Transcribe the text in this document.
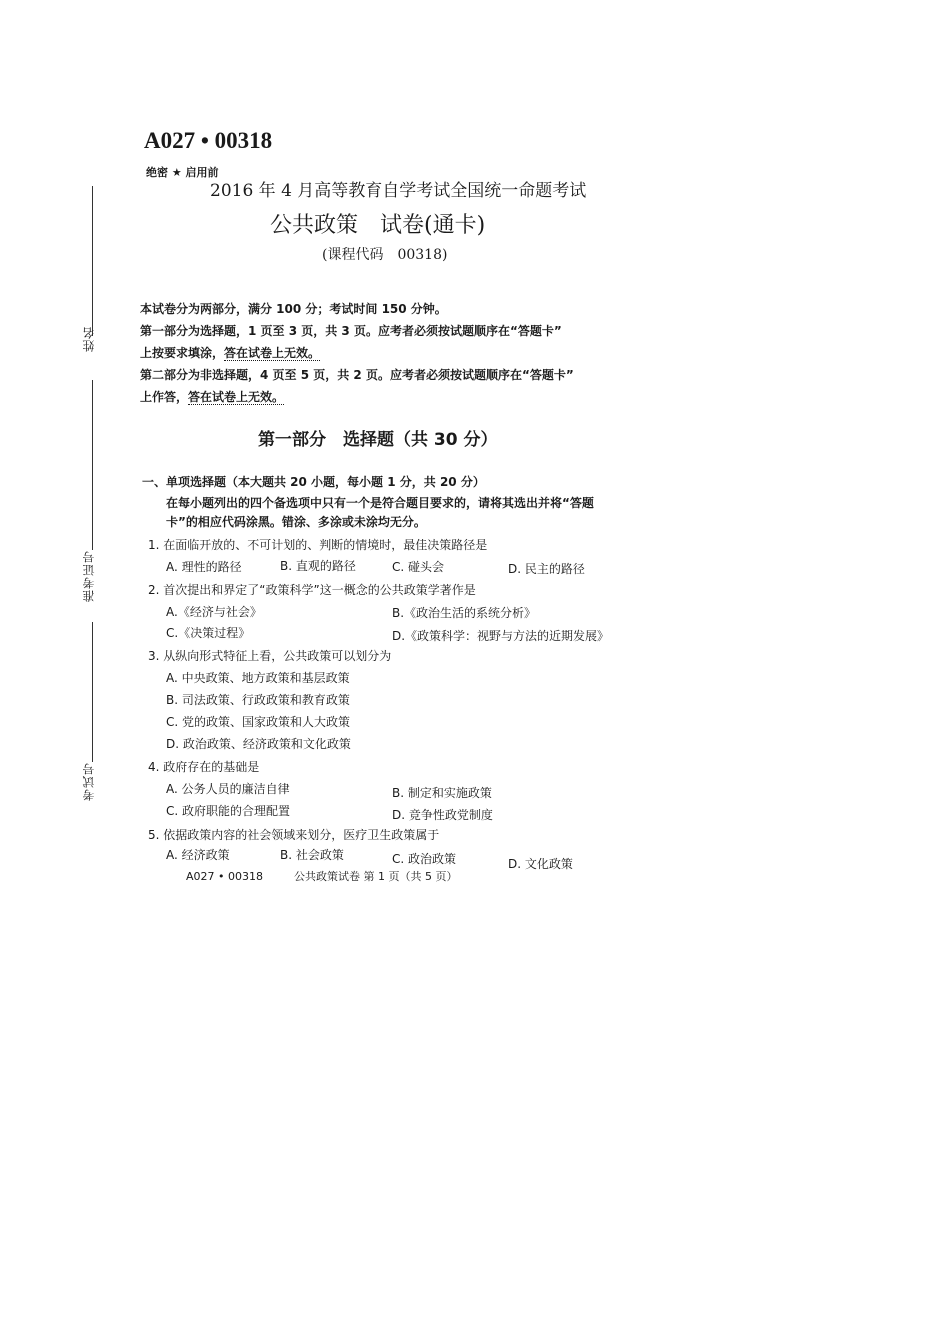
姓名
准考证号
考试号
A027 • 00318
绝密 ★ 启用前
2016 年 4 月高等教育自学考试全国统一命题考试
公共政策　试卷(通卡)
(课程代码　00318)
本试卷分为两部分，满分 100 分；考试时间 150 分钟。
第一部分为选择题，1 页至 3 页，共 3 页。应考者必须按试题顺序在“答题卡”
上按要求填涂，答在试卷上无效。
第二部分为非选择题，4 页至 5 页，共 2 页。应考者必须按试题顺序在“答题卡”
上作答，答在试卷上无效。
第一部分　选择题（共 30 分）
一、单项选择题（本大题共 20 小题，每小题 1 分，共 20 分）
在每小题列出的四个备选项中只有一个是符合题目要求的，请将其选出并将“答题
卡”的相应代码涂黑。错涂、多涂或未涂均无分。
1. 在面临开放的、不可计划的、判断的情境时，最佳决策路径是
A. 理性的路径	B. 直观的路径	C. 碰头会	D. 民主的路径
2. 首次提出和界定了“政策科学”这一概念的公共政策学著作是
A.《经济与社会》	B.《政治生活的系统分析》
C.《决策过程》	D.《政策科学：视野与方法的近期发展》
3. 从纵向形式特征上看，公共政策可以划分为
A. 中央政策、地方政策和基层政策
B. 司法政策、行政政策和教育政策
C. 党的政策、国家政策和人大政策
D. 政治政策、经济政策和文化政策
4. 政府存在的基础是
A. 公务人员的廉洁自律	B. 制定和实施政策
C. 政府职能的合理配置	D. 竞争性政党制度
5. 依据政策内容的社会领域来划分，医疗卫生政策属于
A. 经济政策	B. 社会政策	C. 政治政策	D. 文化政策
A027 • 00318	公共政策试卷 第 1 页（共 5 页）
